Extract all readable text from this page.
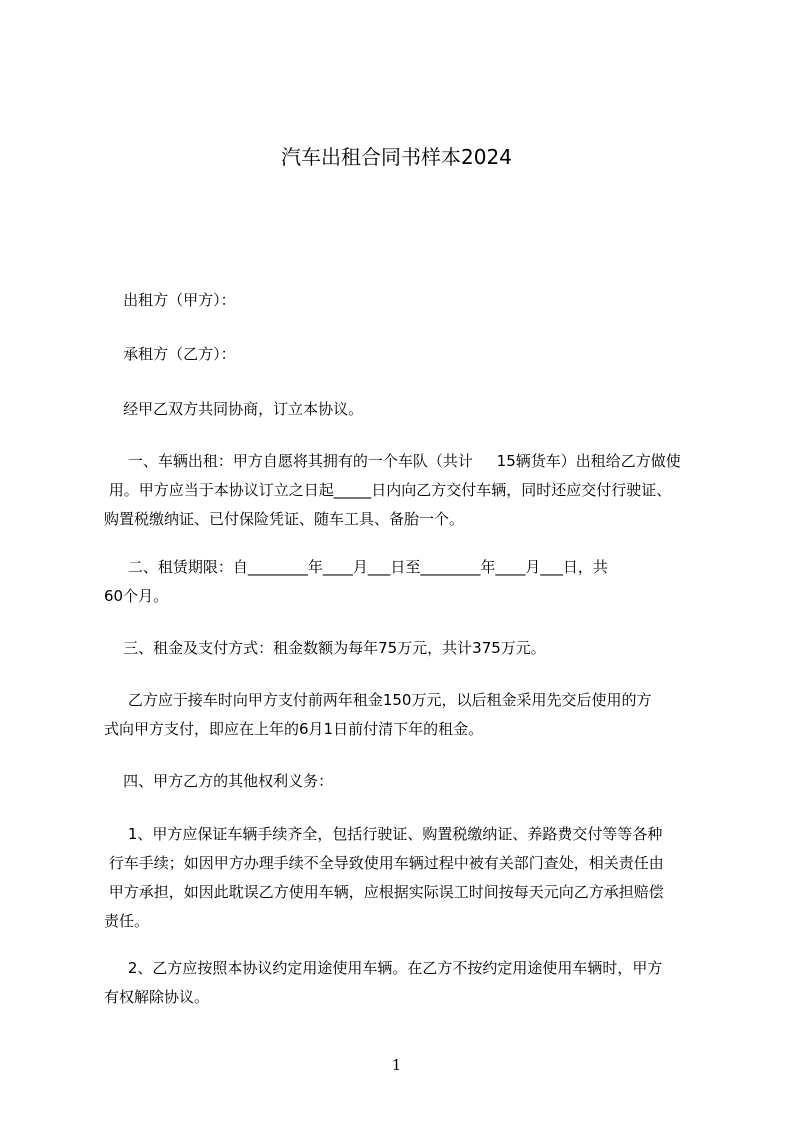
汽车出租合同书样本2024
出租方（甲方）：
承租方（乙方）：
经甲乙双方共同协商，订立本协议。
一、车辆出租：甲方自愿将其拥有的一个车队（共计     15辆货车）出租给乙方做使
用。甲方应当于本协议订立之日起_____日内向乙方交付车辆，同时还应交付行驶证、
购置税缴纳证、已付保险凭证、随车工具、备胎一个。
二、租赁期限：自________年____月___日至________年____月___日，共
60个月。
三、租金及支付方式：租金数额为每年75万元，共计375万元。
乙方应于接车时向甲方支付前两年租金150万元，以后租金采用先交后使用的方
式向甲方支付，即应在上年的6月1日前付清下年的租金。
四、甲方乙方的其他权利义务：
1、甲方应保证车辆手续齐全，包括行驶证、购置税缴纳证、养路费交付等等各种
行车手续；如因甲方办理手续不全导致使用车辆过程中被有关部门查处，相关责任由
甲方承担，如因此耽误乙方使用车辆，应根据实际误工时间按每天元向乙方承担赔偿
责任。
2、乙方应按照本协议约定用途使用车辆。在乙方不按约定用途使用车辆时，甲方
有权解除协议。
1
